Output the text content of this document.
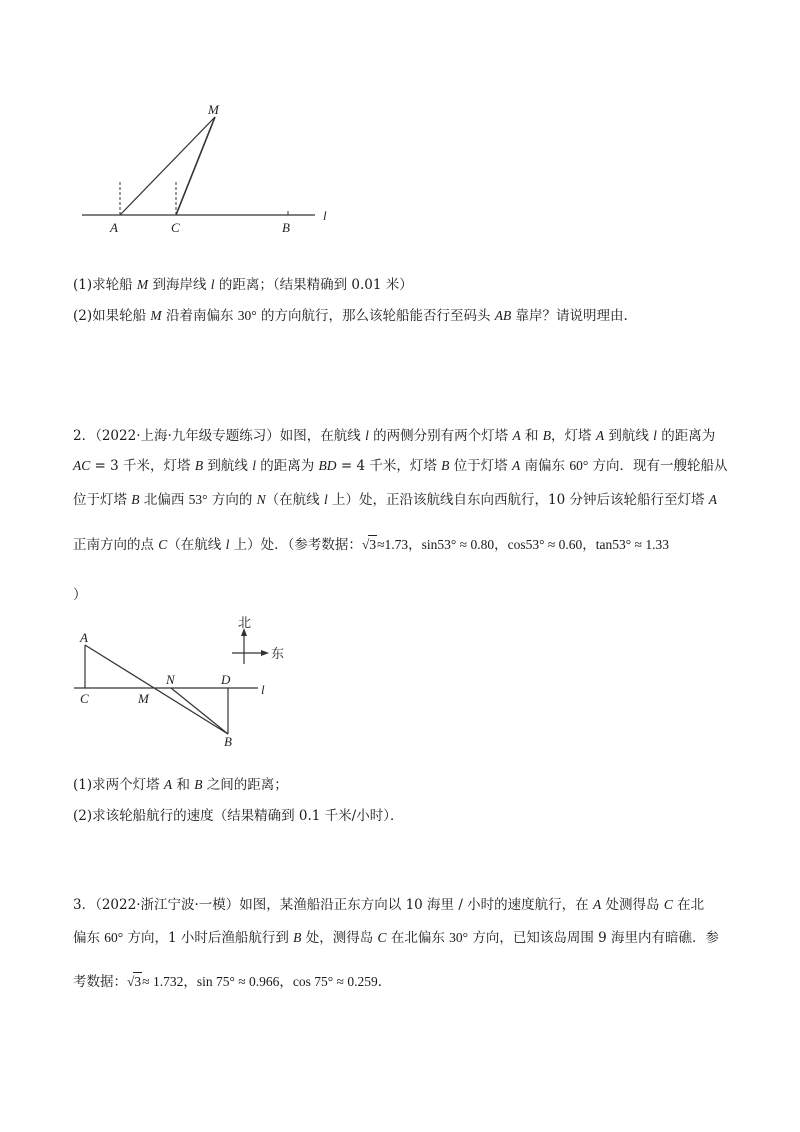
M
A	C	B
l
(1)求轮船 M 到海岸线 l 的距离；（结果精确到 0.01 米）
(2)如果轮船 M 沿着南偏东 30° 的方向航行，那么该轮船能否行至码头 AB 靠岸？请说明理由.
2．（2022·上海·九年级专题练习）如图，在航线 l 的两侧分别有两个灯塔 A 和 B，灯塔 A 到航线 l 的距离为
AC = 3 千米，灯塔 B 到航线 l 的距离为 BD = 4 千米，灯塔 B 位于灯塔 A 南偏东 60° 方向．现有一艘轮船从
位于灯塔 B 北偏西 53° 方向的 N（在航线 l 上）处，正沿该航线自东向西航行，10 分钟后该轮船行至灯塔 A
正南方向的点 C（在航线 l 上）处．（参考数据：√3≈1.73，sin53° ≈ 0.80，cos53° ≈ 0.60，tan53° ≈ 1.33
）
北
东
A
C	M
N	D
B
l
(1)求两个灯塔 A 和 B 之间的距离；
(2)求该轮船航行的速度（结果精确到 0.1 千米/小时）．
3．（2022·浙江宁波·一模）如图，某渔船沿正东方向以 10 海里 / 小时的速度航行，在 A 处测得岛 C 在北
偏东 60° 方向，1 小时后渔船航行到 B 处，测得岛 C 在北偏东 30° 方向，已知该岛周围 9 海里内有暗礁．参
考数据：√3≈ 1.732，sin 75° ≈ 0.966，cos 75° ≈ 0.259．
